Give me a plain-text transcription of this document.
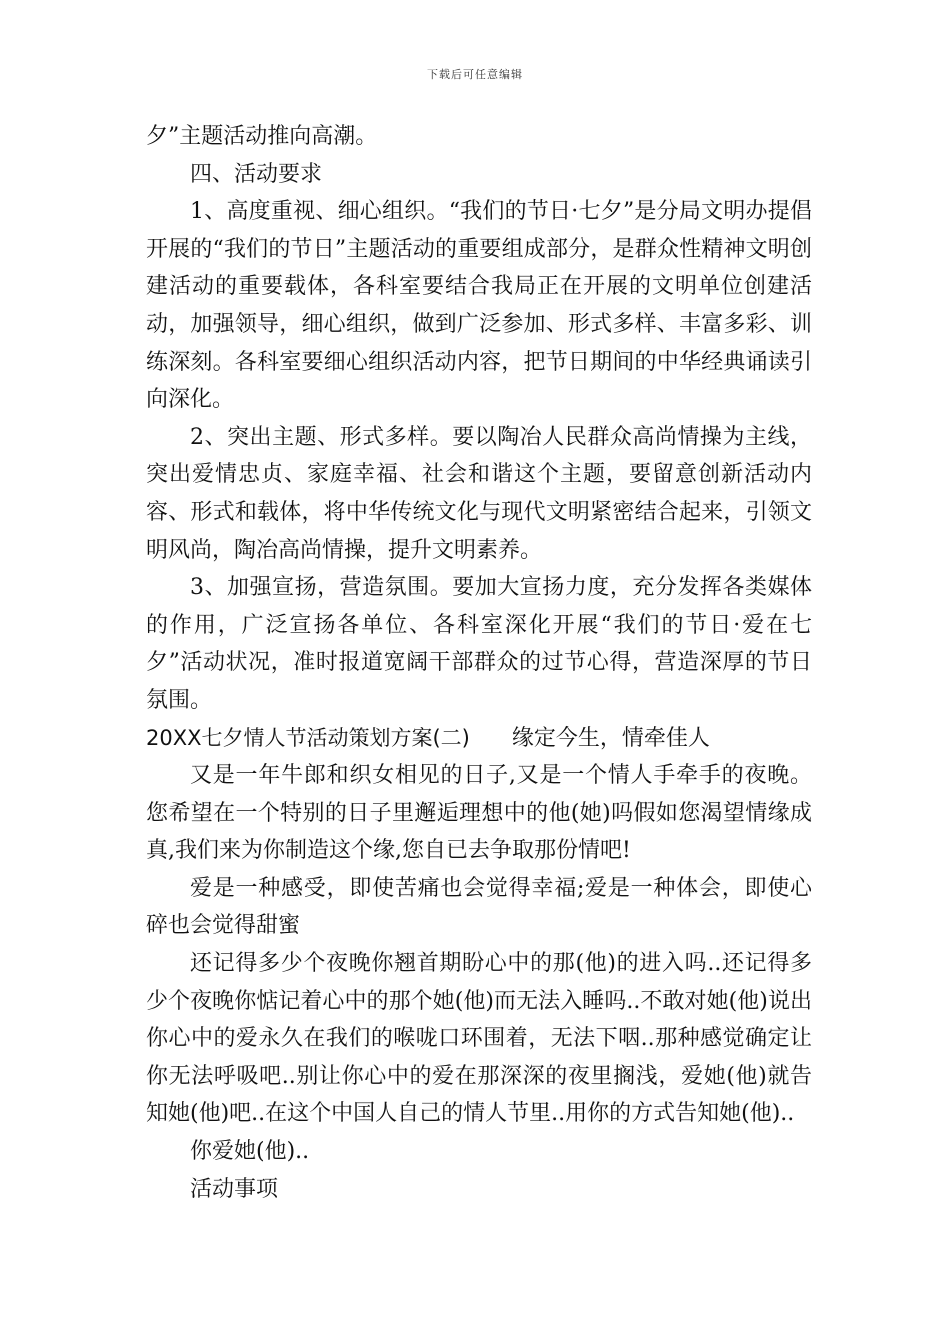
下载后可任意编辑

夕”主题活动推向高潮。

四、活动要求

1、高度重视、细心组织。“我们的节日·七夕”是分局文明办提倡开展的“我们的节日”主题活动的重要组成部分，是群众性精神文明创建活动的重要载体，各科室要结合我局正在开展的文明单位创建活动，加强领导，细心组织，做到广泛参加、形式多样、丰富多彩、训练深刻。各科室要细心组织活动内容，把节日期间的中华经典诵读引向深化。

2、突出主题、形式多样。要以陶冶人民群众高尚情操为主线，突出爱情忠贞、家庭幸福、社会和谐这个主题，要留意创新活动内容、形式和载体，将中华传统文化与现代文明紧密结合起来，引领文明风尚，陶冶高尚情操，提升文明素养。

3、加强宣扬，营造氛围。要加大宣扬力度，充分发挥各类媒体的作用，广泛宣扬各单位、各科室深化开展“我们的节日·爱在七夕”活动状况，准时报道宽阔干部群众的过节心得，营造深厚的节日氛围。

20XX七夕情人节活动策划方案(二) 缘定今生，情牵佳人

又是一年牛郎和织女相见的日子,又是一个情人手牵手的夜晚。您希望在一个特别的日子里邂逅理想中的他(她)吗假如您渴望情缘成真,我们来为你制造这个缘,您自已去争取那份情吧!

爱是一种感受，即使苦痛也会觉得幸福;爱是一种体会，即使心碎也会觉得甜蜜

还记得多少个夜晚你翘首期盼心中的那(他)的进入吗..还记得多少个夜晚你惦记着心中的那个她(他)而无法入睡吗..不敢对她(他)说出你心中的爱永久在我们的喉咙口环围着，无法下咽..那种感觉确定让你无法呼吸吧..别让你心中的爱在那深深的夜里搁浅，爱她(他)就告知她(他)吧..在这个中国人自己的情人节里..用你的方式告知她(他)..

你爱她(他)..

活动事项
